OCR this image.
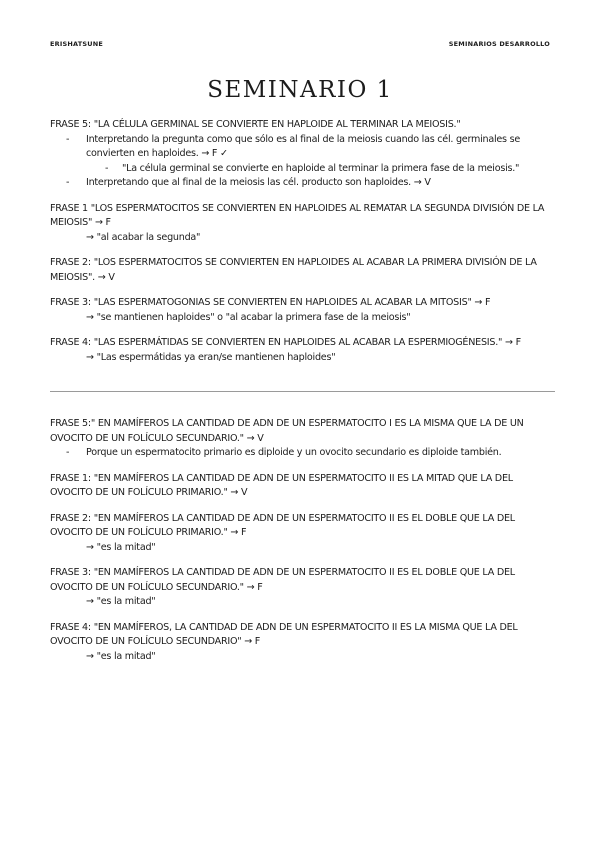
ERISHATSUNE	SEMINARIOS DESARROLLO
SEMINARIO 1

FRASE 5: "LA CÉLULA GERMINAL SE CONVIERTE EN HAPLOIDE AL TERMINAR LA MEIOSIS."

- Interpretando la pregunta como que sólo es al final de la meiosis cuando las cél. germinales se convierten en haploides. → F ✓
- "La célula germinal se convierte en haploide al terminar la primera fase de la meiosis."
- Interpretando que al final de la meiosis las cél. producto son haploides. → V

FRASE 1 "LOS ESPERMATOCITOS SE CONVIERTEN EN HAPLOIDES AL REMATAR LA SEGUNDA DIVISIÓN DE LA MEIOSIS" → F

→ "al acabar la segunda"

FRASE 2: "LOS ESPERMATOCITOS SE CONVIERTEN EN HAPLOIDES AL ACABAR LA PRIMERA DIVISIÓN DE LA MEIOSIS". → V

FRASE 3: "LAS ESPERMATOGONIAS SE CONVIERTEN EN HAPLOIDES AL ACABAR LA MITOSIS" → F

→ "se mantienen haploides" o "al acabar la primera fase de la meiosis"

FRASE 4: "LAS ESPERMÁTIDAS SE CONVIERTEN EN HAPLOIDES AL ACABAR LA ESPERMIOGÉNESIS." → F

→ "Las espermátidas ya eran/se mantienen haploides"

FRASE 5:" EN MAMÍFEROS LA CANTIDAD DE ADN DE UN ESPERMATOCITO I ES LA MISMA QUE LA DE UN OVOCITO DE UN FOLÍCULO SECUNDARIO." → V

- Porque un espermatocito primario es diploide y un ovocito secundario es diploide también.

FRASE 1: "EN MAMÍFEROS LA CANTIDAD DE ADN DE UN ESPERMATOCITO II ES LA MITAD QUE LA DEL OVOCITO DE UN FOLÍCULO PRIMARIO." → V

FRASE 2: "EN MAMÍFEROS LA CANTIDAD DE ADN DE UN ESPERMATOCITO II ES EL DOBLE QUE LA DEL OVOCITO DE UN FOLÍCULO PRIMARIO." → F

→ "es la mitad"

FRASE 3: "EN MAMÍFEROS LA CANTIDAD DE ADN DE UN ESPERMATOCITO II ES EL DOBLE QUE LA DEL OVOCITO DE UN FOLÍCULO SECUNDARIO." → F

→ "es la mitad"

FRASE 4: "EN MAMÍFEROS, LA CANTIDAD DE ADN DE UN ESPERMATOCITO II ES LA MISMA QUE LA DEL OVOCITO DE UN FOLÍCULO SECUNDARIO" → F

→ "es la mitad"
